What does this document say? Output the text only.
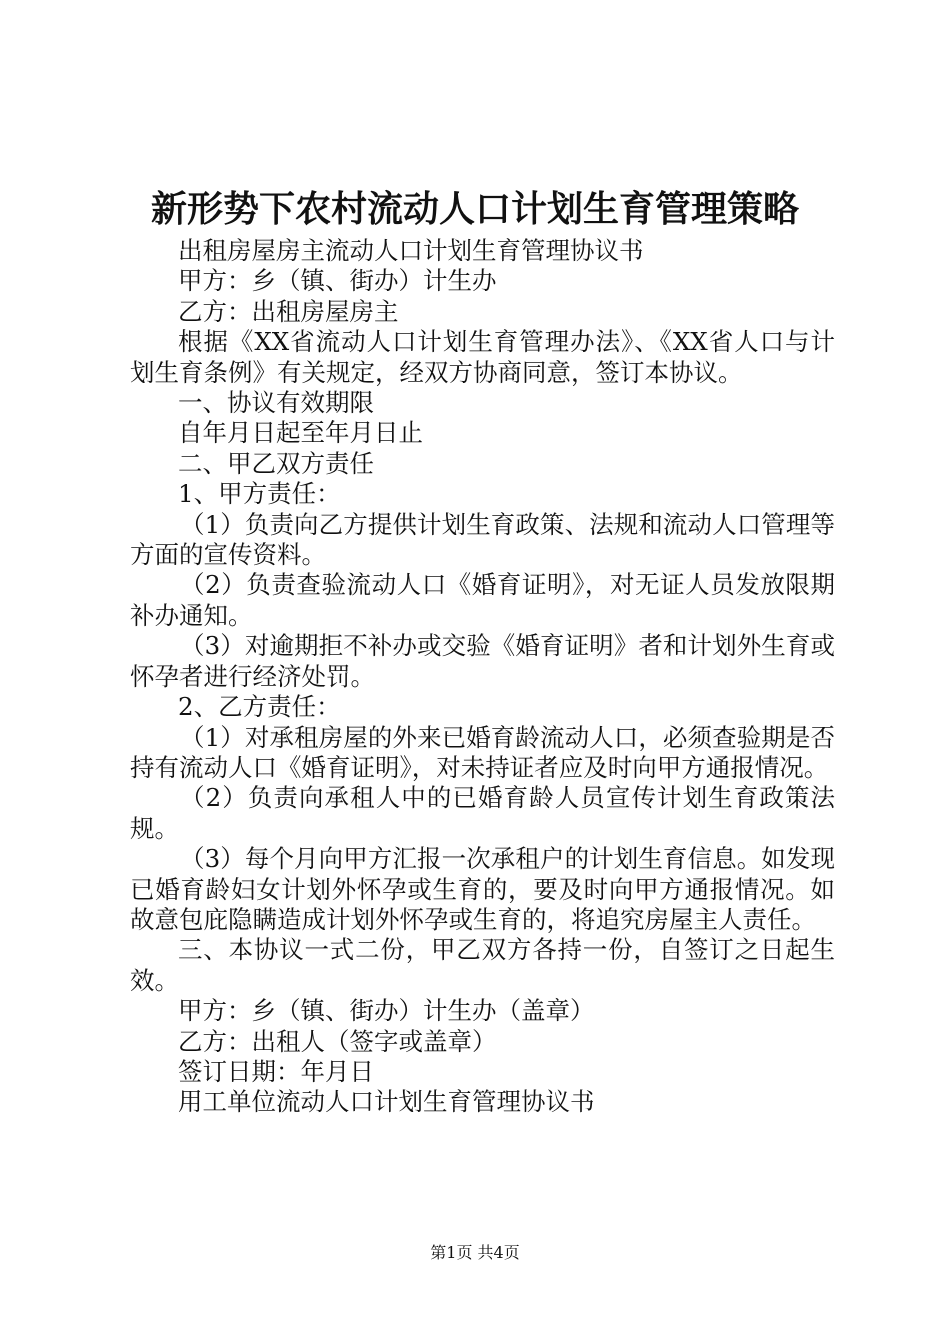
新形势下农村流动人口计划生育管理策略

出租房屋房主流动人口计划生育管理协议书

甲方：乡（镇、街办）计生办

乙方：出租房屋房主

根据《XX省流动人口计划生育管理办法》、《XX省人口与计划生育条例》有关规定，经双方协商同意，签订本协议。

一、协议有效期限

自年月日起至年月日止

二、甲乙双方责任

1、甲方责任：

（1）负责向乙方提供计划生育政策、法规和流动人口管理等方面的宣传资料。

（2）负责查验流动人口《婚育证明》，对无证人员发放限期补办通知。

（3）对逾期拒不补办或交验《婚育证明》者和计划外生育或怀孕者进行经济处罚。

2、乙方责任：

（1）对承租房屋的外来已婚育龄流动人口，必须查验期是否持有流动人口《婚育证明》，对未持证者应及时向甲方通报情况。

（2）负责向承租人中的已婚育龄人员宣传计划生育政策法规。

（3）每个月向甲方汇报一次承租户的计划生育信息。如发现已婚育龄妇女计划外怀孕或生育的，要及时向甲方通报情况。如故意包庇隐瞒造成计划外怀孕或生育的，将追究房屋主人责任。

三、本协议一式二份，甲乙双方各持一份，自签订之日起生效。

甲方：乡（镇、街办）计生办（盖章）

乙方：出租人（签字或盖章）

签订日期：年月日

用工单位流动人口计划生育管理协议书

第1页 共4页
